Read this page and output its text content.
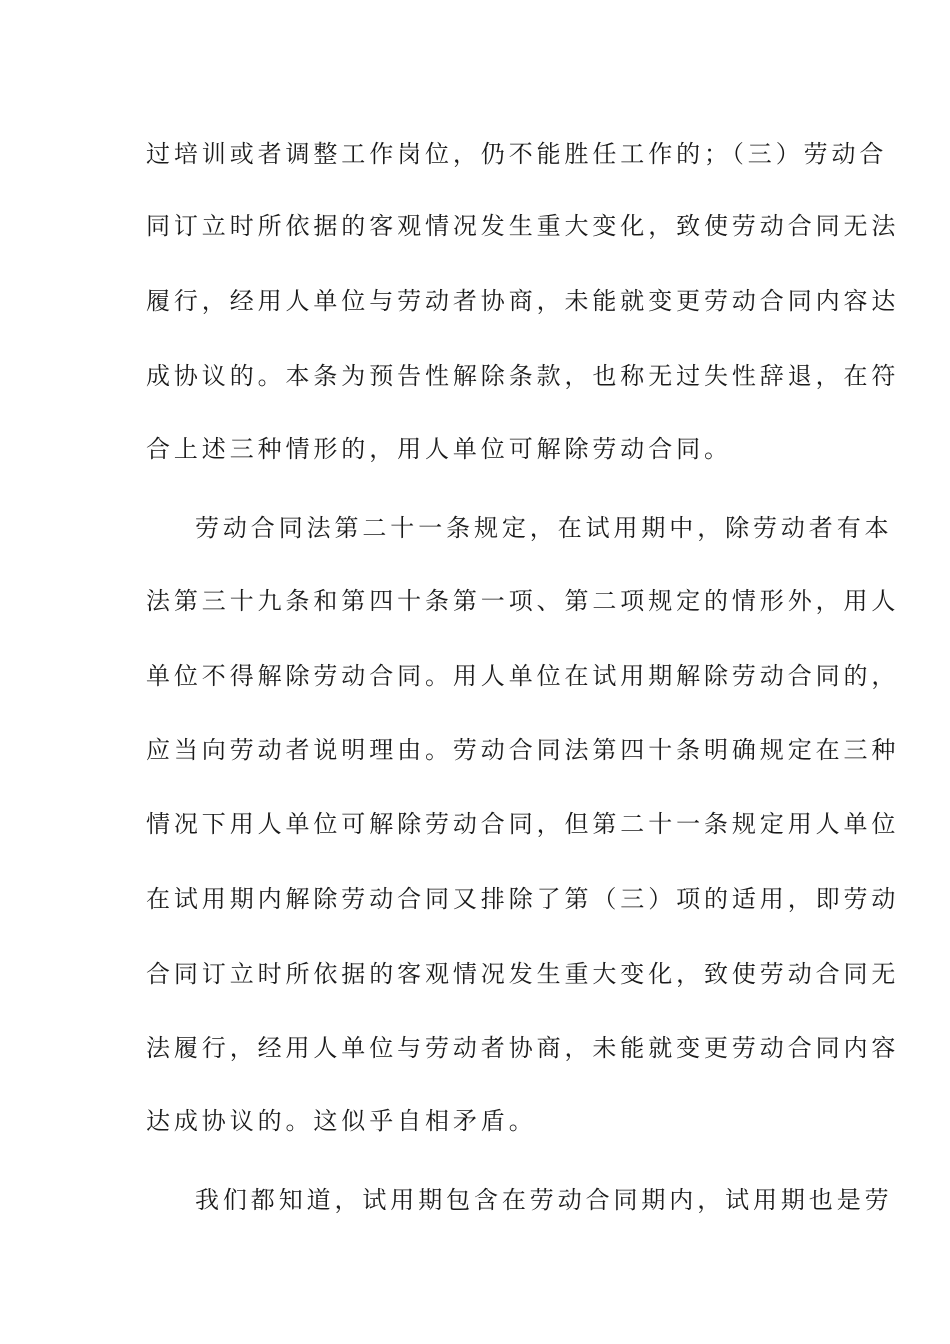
过培训或者调整工作岗位，仍不能胜任工作的；（三）劳动合
同订立时所依据的客观情况发生重大变化，致使劳动合同无法
履行，经用人单位与劳动者协商，未能就变更劳动合同内容达
成协议的。本条为预告性解除条款，也称无过失性辞退，在符
合上述三种情形的，用人单位可解除劳动合同。
劳动合同法第二十一条规定，在试用期中，除劳动者有本
法第三十九条和第四十条第一项、第二项规定的情形外，用人
单位不得解除劳动合同。用人单位在试用期解除劳动合同的，
应当向劳动者说明理由。劳动合同法第四十条明确规定在三种
情况下用人单位可解除劳动合同，但第二十一条规定用人单位
在试用期内解除劳动合同又排除了第（三）项的适用，即劳动
合同订立时所依据的客观情况发生重大变化，致使劳动合同无
法履行，经用人单位与劳动者协商，未能就变更劳动合同内容
达成协议的。这似乎自相矛盾。
我们都知道，试用期包含在劳动合同期内，试用期也是劳
